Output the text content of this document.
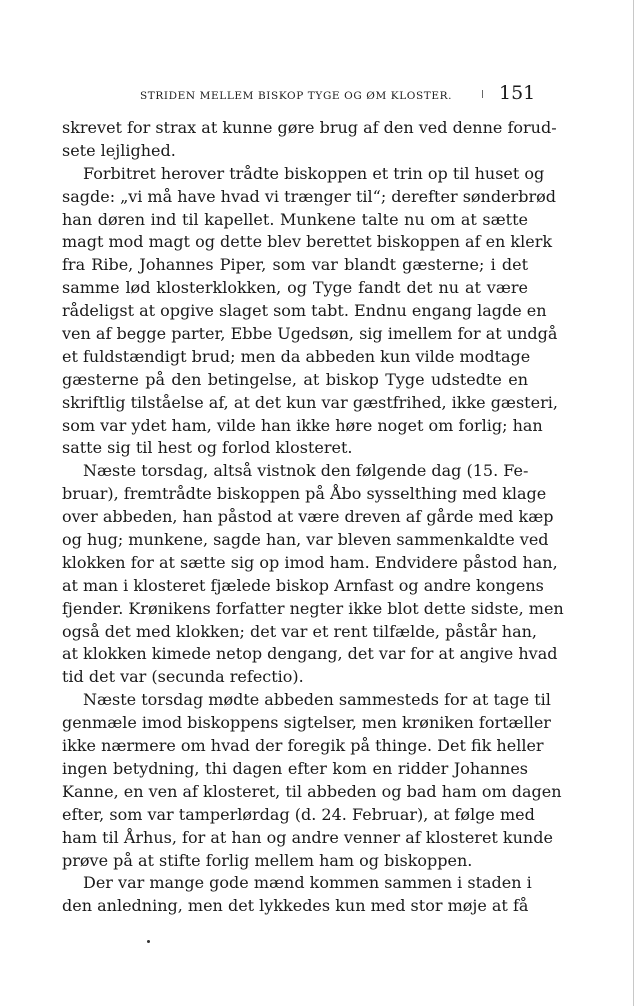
STRIDEN MELLEM BISKOP TYGE OG ØM KLOSTER. 151
skrevet for strax at kunne gøre brug af den ved denne forud-
sete lejlighed.
Forbitret herover trådte biskoppen et trin op til huset og
sagde: „vi må have hvad vi trænger til“; derefter sønderbrød
han døren ind til kapellet. Munkene talte nu om at sætte
magt mod magt og dette blev berettet biskoppen af en klerk
fra Ribe, Johannes Piper, som var blandt gæsterne; i det
samme lød klosterklokken, og Tyge fandt det nu at være
rådeligst at opgive slaget som tabt. Endnu engang lagde en
ven af begge parter, Ebbe Ugedsøn, sig imellem for at undgå
et fuldstændigt brud; men da abbeden kun vilde modtage
gæsterne på den betingelse, at biskop Tyge udstedte en
skriftlig tilståelse af, at det kun var gæstfrihed, ikke gæsteri,
som var ydet ham, vilde han ikke høre noget om forlig; han
satte sig til hest og forlod klosteret.
Næste torsdag, altså vistnok den følgende dag (15. Fe-
bruar), fremtrådte biskoppen på Åbo sysselthing med klage
over abbeden, han påstod at være dreven af gårde med kæp
og hug; munkene, sagde han, var bleven sammenkaldte ved
klokken for at sætte sig op imod ham. Endvidere påstod han,
at man i klosteret fjælede biskop Arnfast og andre kongens
fjender. Krønikens forfatter negter ikke blot dette sidste, men
også det med klokken; det var et rent tilfælde, påstår han,
at klokken kimede netop dengang, det var for at angive hvad
tid det var (secunda refectio).
Næste torsdag mødte abbeden sammesteds for at tage til
genmæle imod biskoppens sigtelser, men krøniken fortæller
ikke nærmere om hvad der foregik på thinge. Det fik heller
ingen betydning, thi dagen efter kom en ridder Johannes
Kanne, en ven af klosteret, til abbeden og bad ham om dagen
efter, som var tamperlørdag (d. 24. Februar), at følge med
ham til Århus, for at han og andre venner af klosteret kunde
prøve på at stifte forlig mellem ham og biskoppen.
Der var mange gode mænd kommen sammen i staden i
den anledning, men det lykkedes kun med stor møje at få
